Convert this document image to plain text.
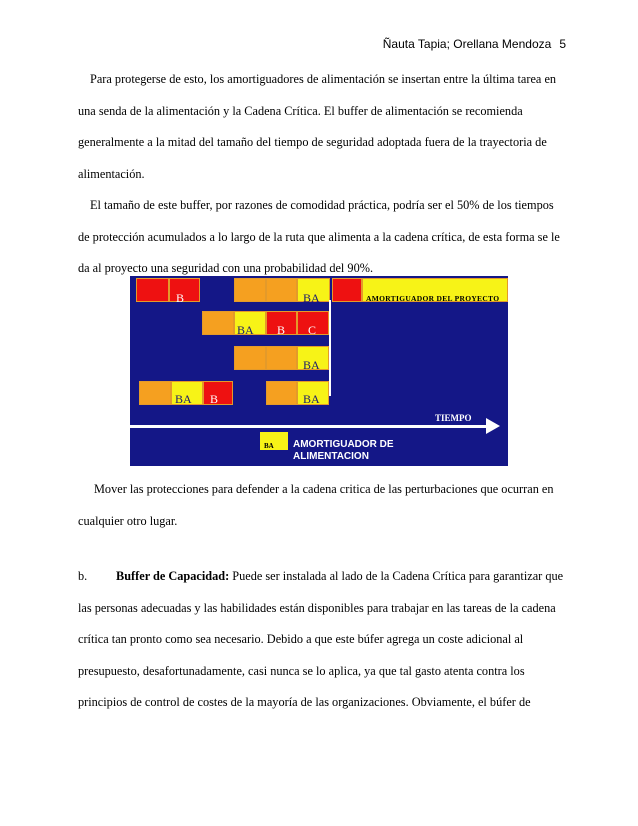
Ñauta Tapia; Orellana Mendoza 5

Para protegerse de esto, los amortiguadores de alimentación se insertan entre la última tarea en una senda de la alimentación y la Cadena Crítica. El buffer de alimentación se recomienda generalmente a la mitad del tamaño del tiempo de seguridad adoptada fuera de la trayectoria de alimentación.

El tamaño de este buffer, por razones de comodidad práctica, podría ser el 50% de los tiempos de protección acumulados a lo largo de la ruta que alimenta a la cadena crítica, de esta forma se le da al proyecto una seguridad con una probabilidad del 90%.

B	BA	AMORTIGUADOR DEL PROYECTO
BA B C
BA
BA B	BA
TIEMPO
BA AMORTIGUADOR DE
ALIMENTACION

Mover las protecciones para defender a la cadena critica de las perturbaciones que ocurran en cualquier otro lugar.

b. Buffer de Capacidad: Puede ser instalada al lado de la Cadena Crítica para garantizar que las personas adecuadas y las habilidades están disponibles para trabajar en las tareas de la cadena crítica tan pronto como sea necesario. Debido a que este búfer agrega un coste adicional al presupuesto, desafortunadamente, casi nunca se lo aplica, ya que tal gasto atenta contra los principios de control de costes de la mayoría de las organizaciones. Obviamente, el búfer de
